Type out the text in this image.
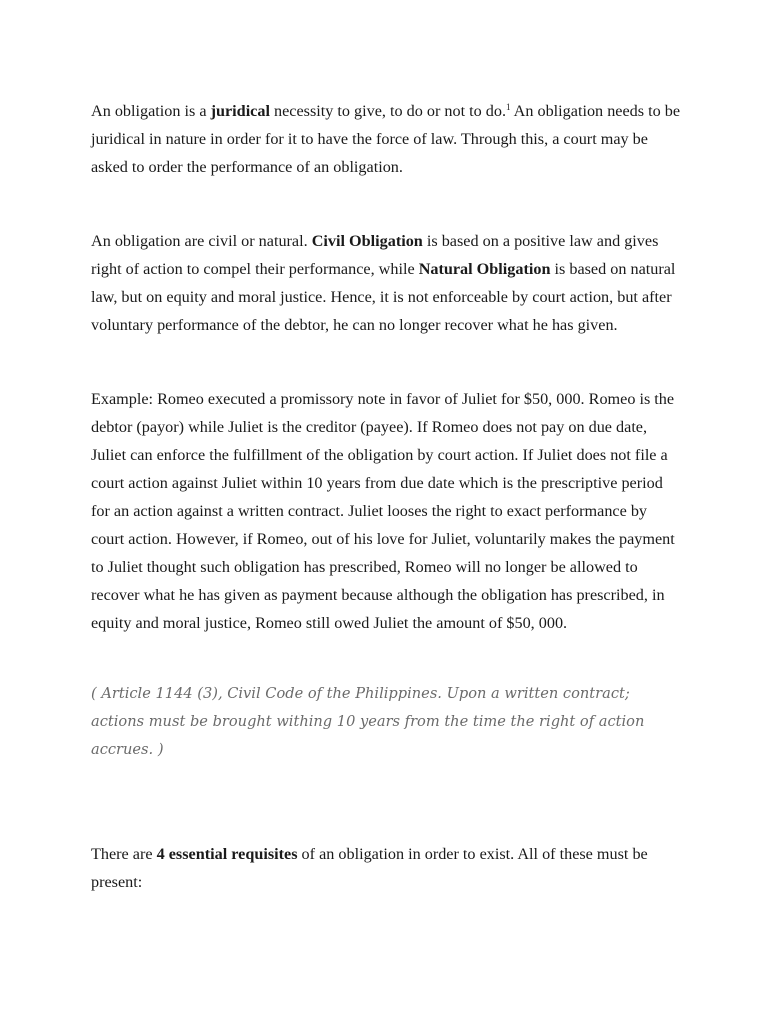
An obligation is a juridical necessity to give, to do or not to do.$^1$ An obligation needs to be juridical in nature in order for it to have the force of law. Through this, a court may be asked to order the performance of an obligation.

An obligation are civil or natural. Civil Obligation is based on a positive law and gives right of action to compel their performance, while Natural Obligation is based on natural law, but on equity and moral justice. Hence, it is not enforceable by court action, but after voluntary performance of the debtor, he can no longer recover what he has given.

Example: Romeo executed a promissory note in favor of Juliet for $50, 000. Romeo is the debtor (payor) while Juliet is the creditor (payee). If Romeo does not pay on due date, Juliet can enforce the fulfillment of the obligation by court action. If Juliet does not file a court action against Juliet within 10 years from due date which is the prescriptive period for an action against a written contract. Juliet looses the right to exact performance by court action. However, if Romeo, out of his love for Juliet, voluntarily makes the payment to Juliet thought such obligation has prescribed, Romeo will no longer be allowed to recover what he has given as payment because although the obligation has prescribed, in equity and moral justice, Romeo still owed Juliet the amount of $50, 000.

( Article 1144 (3), Civil Code of the Philippines. Upon a written contract; actions must be brought withing 10 years from the time the right of action accrues. )

There are 4 essential requisites of an obligation in order to exist. All of these must be present:
